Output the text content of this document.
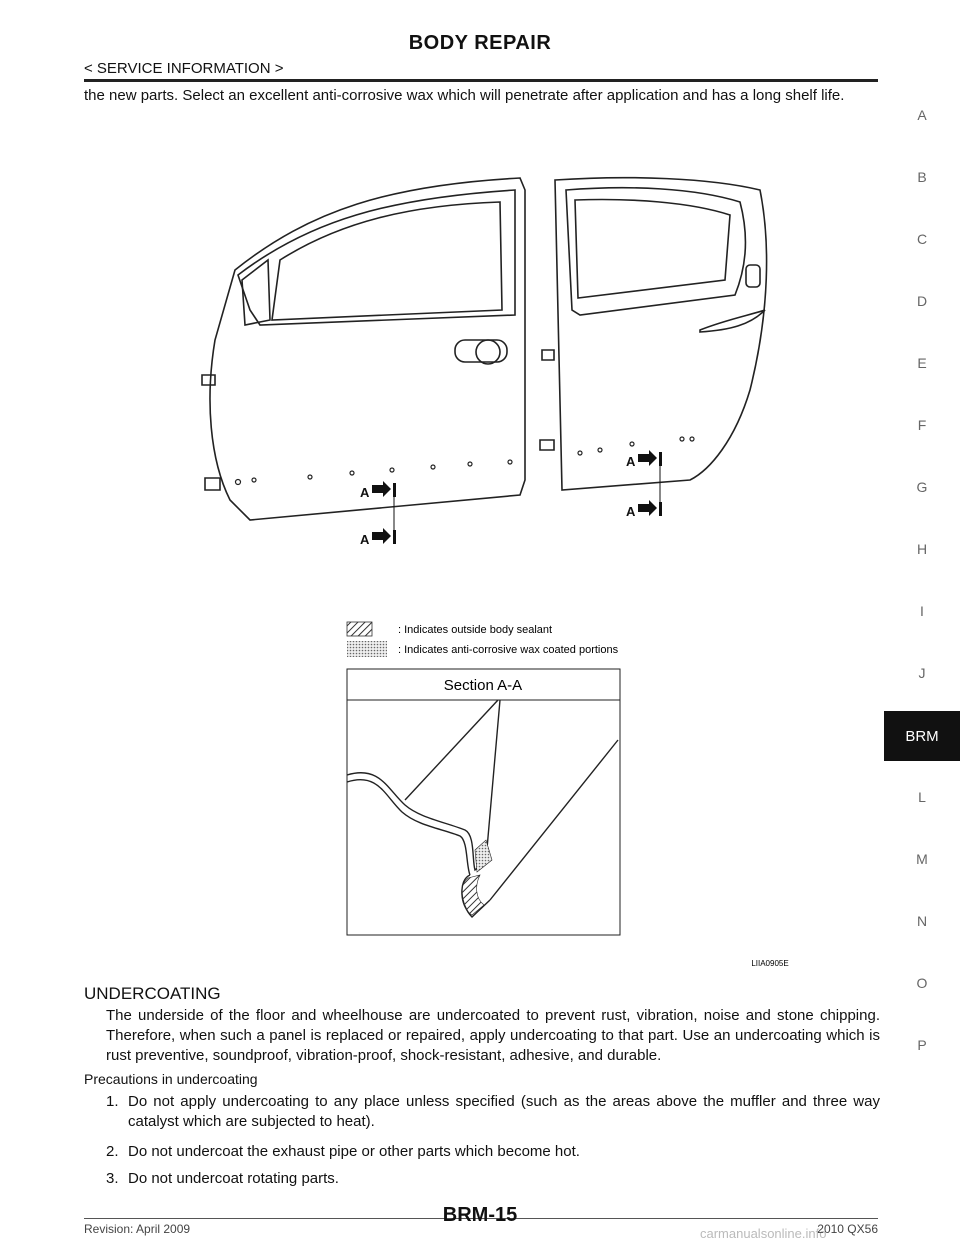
BODY REPAIR
< SERVICE INFORMATION >
the new parts. Select an excellent anti-corrosive wax which will penetrate after application and has a long shelf life.
A
B
C
D
E
F
G
H
I
J
BRM
L
M
N
O
P
A
A
A
A
: Indicates outside body sealant
: Indicates anti-corrosive wax coated portions
Section A-A
LIIA0905E
UNDERCOATING
The underside of the floor and wheelhouse are undercoated to prevent rust, vibration, noise and stone chipping. Therefore, when such a panel is replaced or repaired, apply undercoating to that part. Use an undercoating which is rust preventive, soundproof, vibration-proof, shock-resistant, adhesive, and durable.
Precautions in undercoating
1. Do not apply undercoating to any place unless specified (such as the areas above the muffler and three way catalyst which are subjected to heat).
2. Do not undercoat the exhaust pipe or other parts which become hot.
3. Do not undercoat rotating parts.
BRM-15
Revision: April 2009	carmanualsonline.info
2010 QX56
